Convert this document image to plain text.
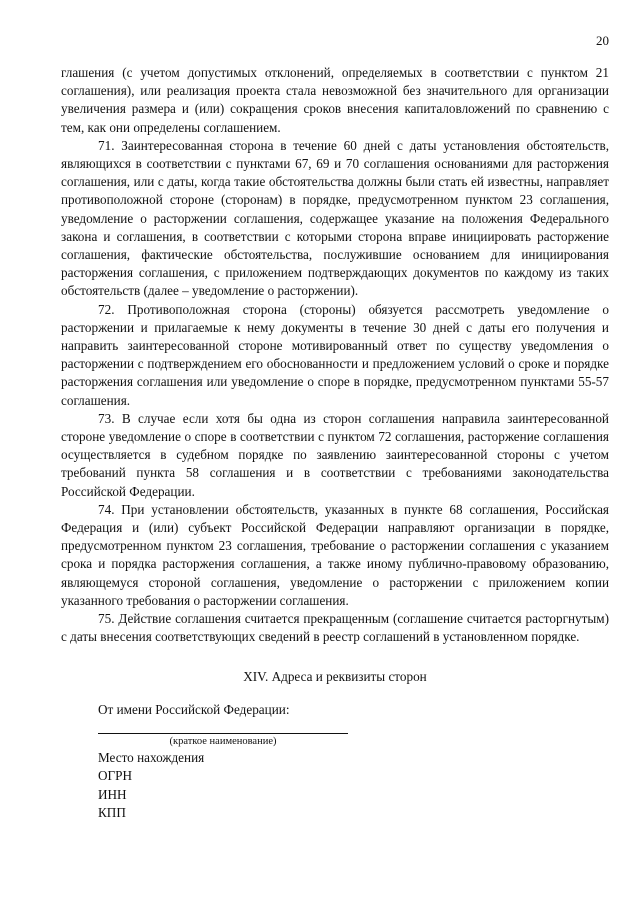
20

глашения (с учетом допустимых отклонений, определяемых в соответствии с пунктом 21 соглашения), или реализация проекта стала невозможной без значительного для организации увеличения размера и (или) сокращения сроков внесения капиталовложений по сравнению с тем, как они определены соглашением.

71. Заинтересованная сторона в течение 60 дней с даты установления обстоятельств, являющихся в соответствии с пунктами 67, 69 и 70 соглашения основаниями для расторжения соглашения, или с даты, когда такие обстоятельства должны были стать ей известны, направляет противоположной стороне (сторонам) в порядке, предусмотренном пунктом 23 соглашения, уведомление о расторжении соглашения, содержащее указание на положения Федерального закона и соглашения, в соответствии с которыми сторона вправе инициировать расторжение соглашения, фактические обстоятельства, послужившие основанием для инициирования расторжения соглашения, с приложением подтверждающих документов по каждому из таких обстоятельств (далее – уведомление о расторжении).

72. Противоположная сторона (стороны) обязуется рассмотреть уведомление о расторжении и прилагаемые к нему документы в течение 30 дней с даты его получения и направить заинтересованной стороне мотивированный ответ по существу уведомления о расторжении с подтверждением его обоснованности и предложением условий о сроке и порядке расторжения соглашения или уведомление о споре в порядке, предусмотренном пунктами 55-57 соглашения.

73. В случае если хотя бы одна из сторон соглашения направила заинтересованной стороне уведомление о споре в соответствии с пунктом 72 соглашения, расторжение соглашения осуществляется в судебном порядке по заявлению заинтересованной стороны с учетом требований пункта 58 соглашения и в соответствии с требованиями законодательства Российской Федерации.

74. При установлении обстоятельств, указанных в пункте 68 соглашения, Российская Федерация и (или) субъект Российской Федерации направляют организации в порядке, предусмотренном пунктом 23 соглашения, требование о расторжении соглашения с указанием срока и порядка расторжения соглашения, а также иному публично-правовому образованию, являющемуся стороной соглашения, уведомление о расторжении с приложением копии указанного требования о расторжении соглашения.

75. Действие соглашения считается прекращенным (соглашение считается расторгнутым) с даты внесения соответствующих сведений в реестр соглашений в установленном порядке.

XIV. Адреса и реквизиты сторон

От имени Российской Федерации:
(краткое наименование)
Место нахождения
ОГРН
ИНН
КПП
